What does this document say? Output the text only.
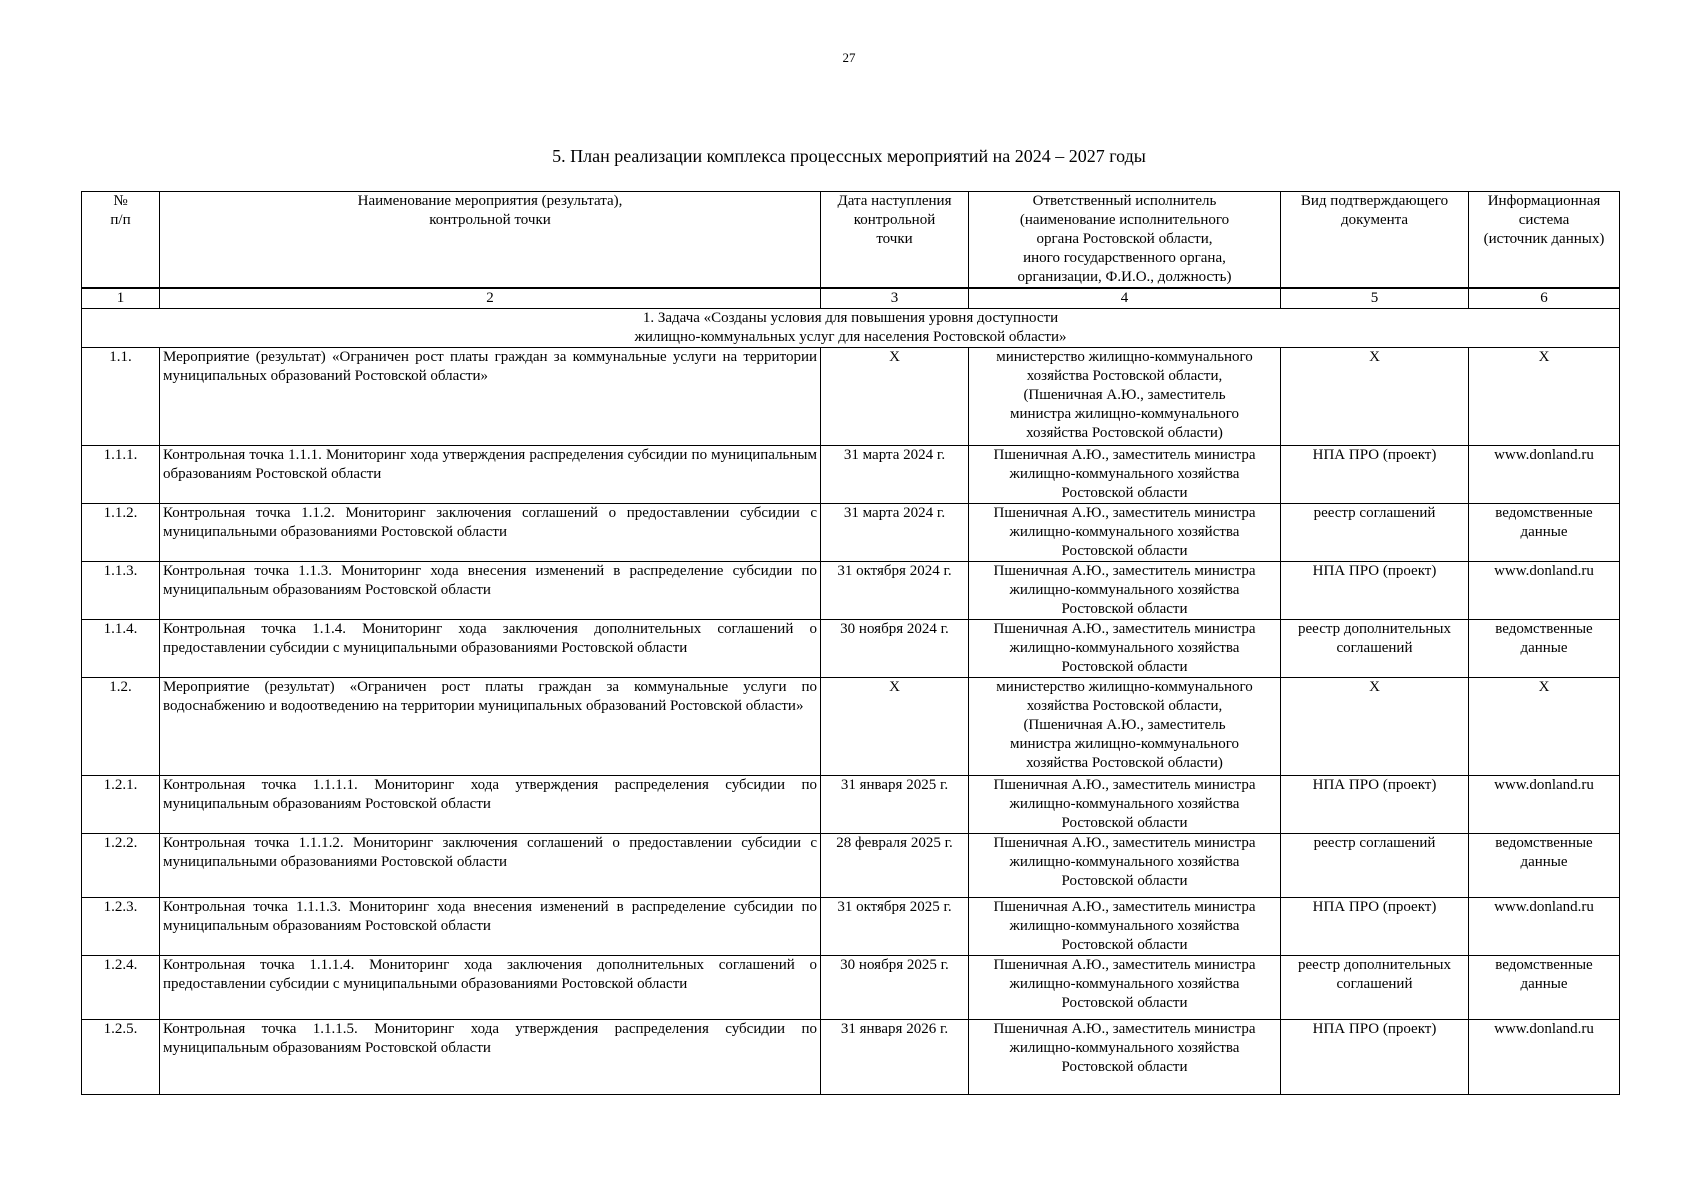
27
5. План реализации комплекса процессных мероприятий на 2024 – 2027 годы
№
п/п	Наименование мероприятия (результата),
контрольной точки	Дата наступления
контрольной
точки	Ответственный исполнитель
(наименование исполнительного
органа Ростовской области,
иного государственного органа,
организации, Ф.И.О., должность)	Вид подтверждающего
документа	Информационная
система
(источник данных)
1	2	3	4	5	6
1. Задача «Созданы условия для повышения уровня доступности
жилищно-коммунальных услуг для населения Ростовской области»					
1.1.	Мероприятие (результат) «Ограничен рост платы граждан за коммунальные услуги на территории муниципальных образований Ростовской области»	X	министерство жилищно-коммунального
хозяйства Ростовской области,
(Пшеничная А.Ю., заместитель
министра жилищно-коммунального
хозяйства Ростовской области)	X	X
1.1.1.	Контрольная точка 1.1.1. Мониторинг хода утверждения распределения субсидии по муниципальным образованиям Ростовской области	31 марта 2024 г.	Пшеничная А.Ю., заместитель министра
жилищно-коммунального хозяйства
Ростовской области	НПА ПРО (проект)	www.donland.ru
1.1.2.	Контрольная точка 1.1.2. Мониторинг заключения соглашений о предоставлении субсидии с муниципальными образованиями Ростовской области	31 марта 2024 г.	Пшеничная А.Ю., заместитель министра
жилищно-коммунального хозяйства
Ростовской области	реестр соглашений	ведомственные
данные
1.1.3.	Контрольная точка 1.1.3. Мониторинг хода внесения изменений в распределение субсидии по муниципальным образованиям Ростовской области	31 октября 2024 г.	Пшеничная А.Ю., заместитель министра
жилищно-коммунального хозяйства
Ростовской области	НПА ПРО (проект)	www.donland.ru
1.1.4.	Контрольная точка 1.1.4. Мониторинг хода заключения дополнительных соглашений о предоставлении субсидии с муниципальными образованиями Ростовской области	30 ноября 2024 г.	Пшеничная А.Ю., заместитель министра
жилищно-коммунального хозяйства
Ростовской области	реестр дополнительных
соглашений	ведомственные
данные
1.2.	Мероприятие (результат) «Ограничен рост платы граждан за коммунальные услуги по водоснабжению и водоотведению на территории муниципальных образований Ростовской области»	X	министерство жилищно-коммунального
хозяйства Ростовской области,
(Пшеничная А.Ю., заместитель
министра жилищно-коммунального
хозяйства Ростовской области)	X	X
1.2.1.	Контрольная точка 1.1.1.1. Мониторинг хода утверждения распределения субсидии по муниципальным образованиям Ростовской области	31 января 2025 г.	Пшеничная А.Ю., заместитель министра
жилищно-коммунального хозяйства
Ростовской области	НПА ПРО (проект)	www.donland.ru
1.2.2.	Контрольная точка 1.1.1.2. Мониторинг заключения соглашений о предоставлении субсидии с муниципальными образованиями Ростовской области	28 февраля 2025 г.	Пшеничная А.Ю., заместитель министра
жилищно-коммунального хозяйства
Ростовской области	реестр соглашений	ведомственные
данные
1.2.3.	Контрольная точка 1.1.1.3. Мониторинг хода внесения изменений в распределение субсидии по муниципальным образованиям Ростовской области	31 октября 2025 г.	Пшеничная А.Ю., заместитель министра
жилищно-коммунального хозяйства
Ростовской области	НПА ПРО (проект)	www.donland.ru
1.2.4.	Контрольная точка 1.1.1.4. Мониторинг хода заключения дополнительных соглашений о предоставлении субсидии с муниципальными образованиями Ростовской области	30 ноября 2025 г.	Пшеничная А.Ю., заместитель министра
жилищно-коммунального хозяйства
Ростовской области	реестр дополнительных
соглашений	ведомственные
данные
1.2.5.	Контрольная точка 1.1.1.5. Мониторинг хода утверждения распределения субсидии по муниципальным образованиям Ростовской области	31 января 2026 г.	Пшеничная А.Ю., заместитель министра
жилищно-коммунального хозяйства
Ростовской области	НПА ПРО (проект)	www.donland.ru
